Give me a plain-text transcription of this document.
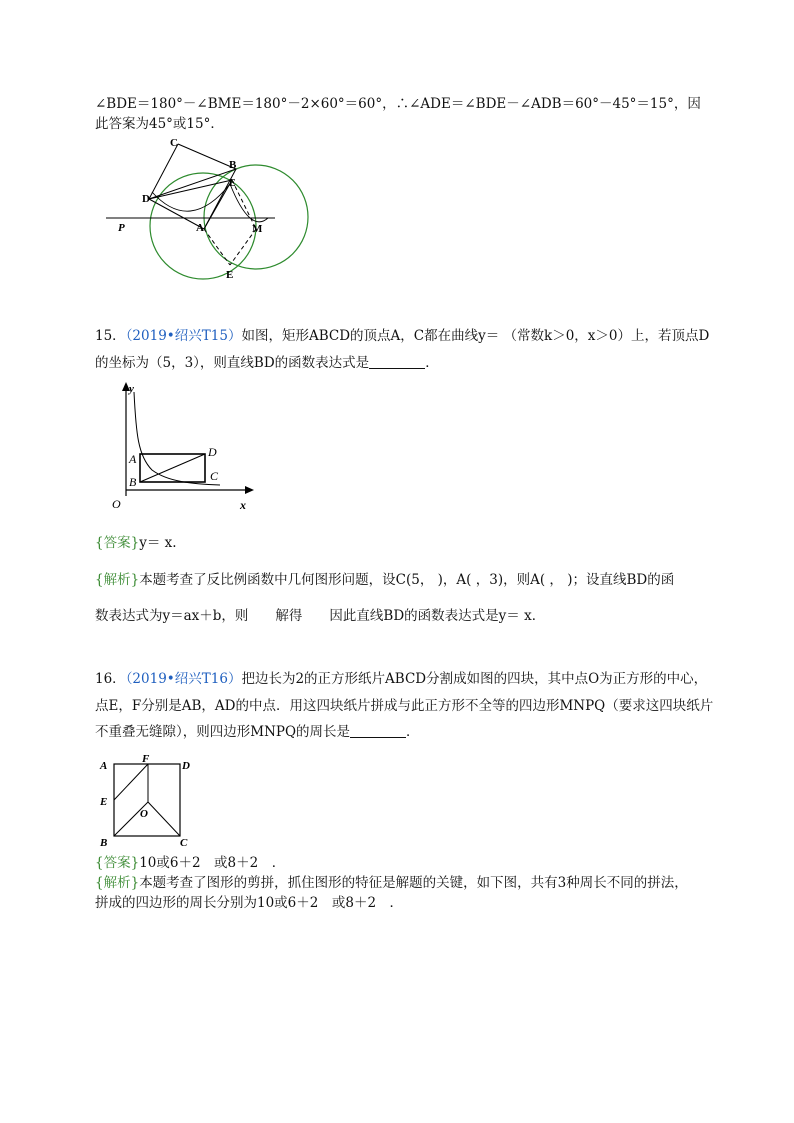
∠BDE＝180°－∠BME＝180°－2×60°＝60°，∴∠ADE＝∠BDE－∠ADB＝60°－45°＝15°，因
此答案为45°或15°．
C
B
E
D
P	A	M
E
15．（2019•绍兴T15）如图，矩形ABCD的顶点A，C都在曲线y＝ （常数k＞0，x＞0）上，若顶点D
的坐标为（5，3），则直线BD的函数表达式是	．
y
x
O
A
B	C
D
{答案}y＝ x.
{解析}本题考查了反比例函数中几何图形问题，设C(5， )，A( ，3)，则A( ， )；设直线BD的函
数表达式为y＝ax＋b，则　　解得　　因此直线BD的函数表达式是y＝ x．
16．（2019•绍兴T16）把边长为2的正方形纸片ABCD分割成如图的四块，其中点O为正方形的中心，
点E，F分别是AB，AD的中点．用这四块纸片拼成与此正方形不全等的四边形MNPQ（要求这四块纸片
不重叠无缝隙），则四边形MNPQ的周长是	．
A
F
D
E
O
B	C
{答案}10或6＋2　或8＋2　．
{解析}本题考查了图形的剪拼，抓住图形的特征是解题的关键，如下图，共有3种周长不同的拼法，
拼成的四边形的周长分别为10或6＋2　或8＋2　．
